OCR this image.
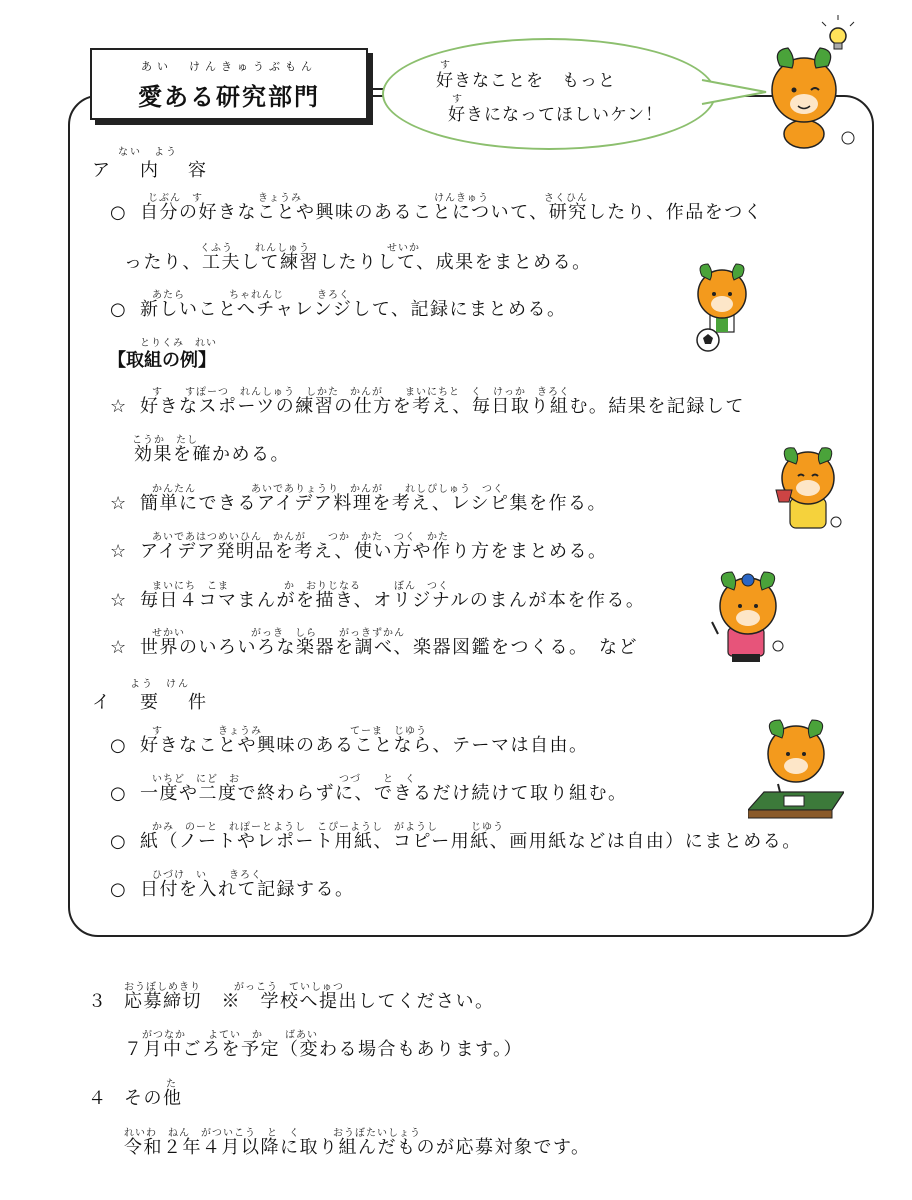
あい　けんきゅうぶもん
愛ある研究部門
す
好きなことを　もっと
す
好きになってほしいケン！
ない　よう
ア　内　容
じぶん　す　　　　　きょうみ　　　　　　　　　　　　けんきゅう　　　　　さくひん
○ 自分の好きなことや興味のあることについて、研究したり、作品をつく
くふう　　れんしゅう　　　　　　　せいか
ったり、工夫して練習したりして、成果をまとめる。
あたら　　　　ちゃれんじ　　　きろく
○ 新しいことへチャレンジして、記録にまとめる。
とりくみ　れい
【取組の例】
す　　すぽーつ　れんしゅう　しかた　かんが　　まいにちと　く　けっか　きろく
☆ 好きなスポーツの練習の仕方を考え、毎日取り組む。結果を記録して
こうか　たし
効果を確かめる。
かんたん　　　　　あいでありょうり　かんが　　れしぴしゅう　つく
☆ 簡単にできるアイデア料理を考え、レシピ集を作る。
あいであはつめいひん　かんが　　つか　かた　つく　かた
☆ アイデア発明品を考え、使い方や作り方をまとめる。
まいにち　こま　　　　　か　おりじなる　　　ぼん　つく
☆ 毎日４コマまんがを描き、オリジナルのまんが本を作る。
せかい　　　　　　がっき　しら　　がっきずかん
☆ 世界のいろいろな楽器を調べ、楽器図鑑をつくる。　など
よう　けん
イ　要　件
す　　　　　きょうみ　　　　　　　　てーま　じゆう
○ 好きなことや興味のあることなら、テーマは自由。
いちど　にど　お　　　　　　　　　つづ　　と　く
○ 一度や二度で終わらずに、できるだけ続けて取り組む。
かみ　のーと　れぽーとようし　こぴーようし　がようし　　　じゆう
○ 紙（ノートやレポート用紙、コピー用紙、画用紙などは自由）にまとめる。
ひづけ　い　　きろく
○ 日付を入れて記録する。
おうぼしめきり　　　がっこう　ていしゅつ
３ 応募締切　※　学校へ提出してください。
がつなか　　よてい　か　　ばあい
７月中ごろを予定（変わる場合もあります。）
た
４ その他
れいわ　ねん　がついこう　と　く　　　おうぼたいしょう
令和２年４月以降に取り組んだものが応募対象です。
